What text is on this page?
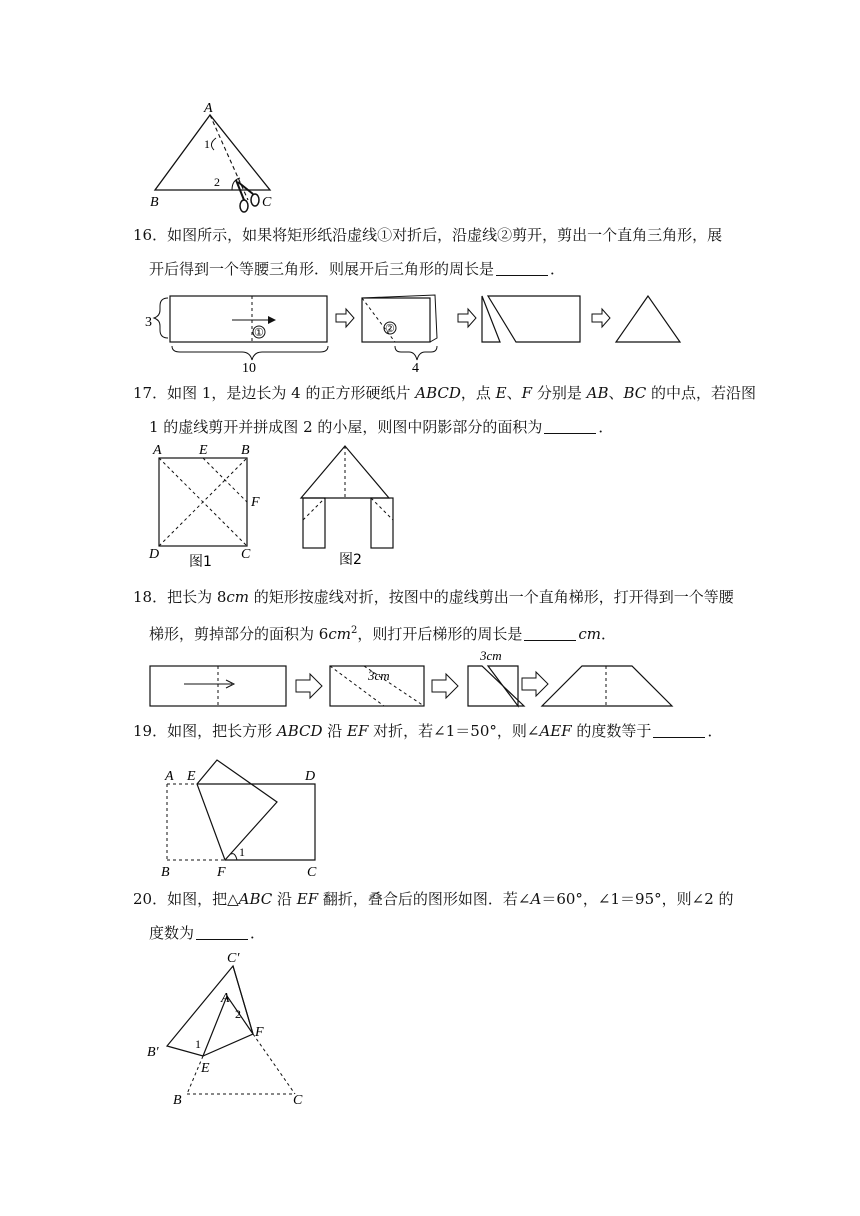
A
B	C
1
2
16．如图所示，如果将矩形纸沿虚线①对折后，沿虚线②剪开，剪出一个直角三角形，展
开后得到一个等腰三角形．则展开后三角形的周长是	．
3
①
10
②
4
17．如图 1，是边长为 4 的正方形硬纸片 ABCD，点 E、F 分别是 AB、BC 的中点，若沿图
1 的虚线剪开并拼成图 2 的小屋，则图中阴影部分的面积为	．
A	E B
F
D	C
图1	图2
18．把长为 8cm 的矩形按虚线对折，按图中的虚线剪出一个直角梯形，打开得到一个等腰
梯形，剪掉部分的面积为 $6cm^2$，则打开后梯形的周长是	cm．
3cm
3cm
19．如图，把长方形 ABCD 沿 EF 对折，若∠1＝50°，则∠AEF 的度数等于	．
A E	D
B	F	C
1
20．如图，把△ABC 沿 EF 翻折，叠合后的图形如图．若∠A＝60°，∠1＝95°，则∠2 的
度数为	．
C′
A
2
F
B′
1
E
B	C
